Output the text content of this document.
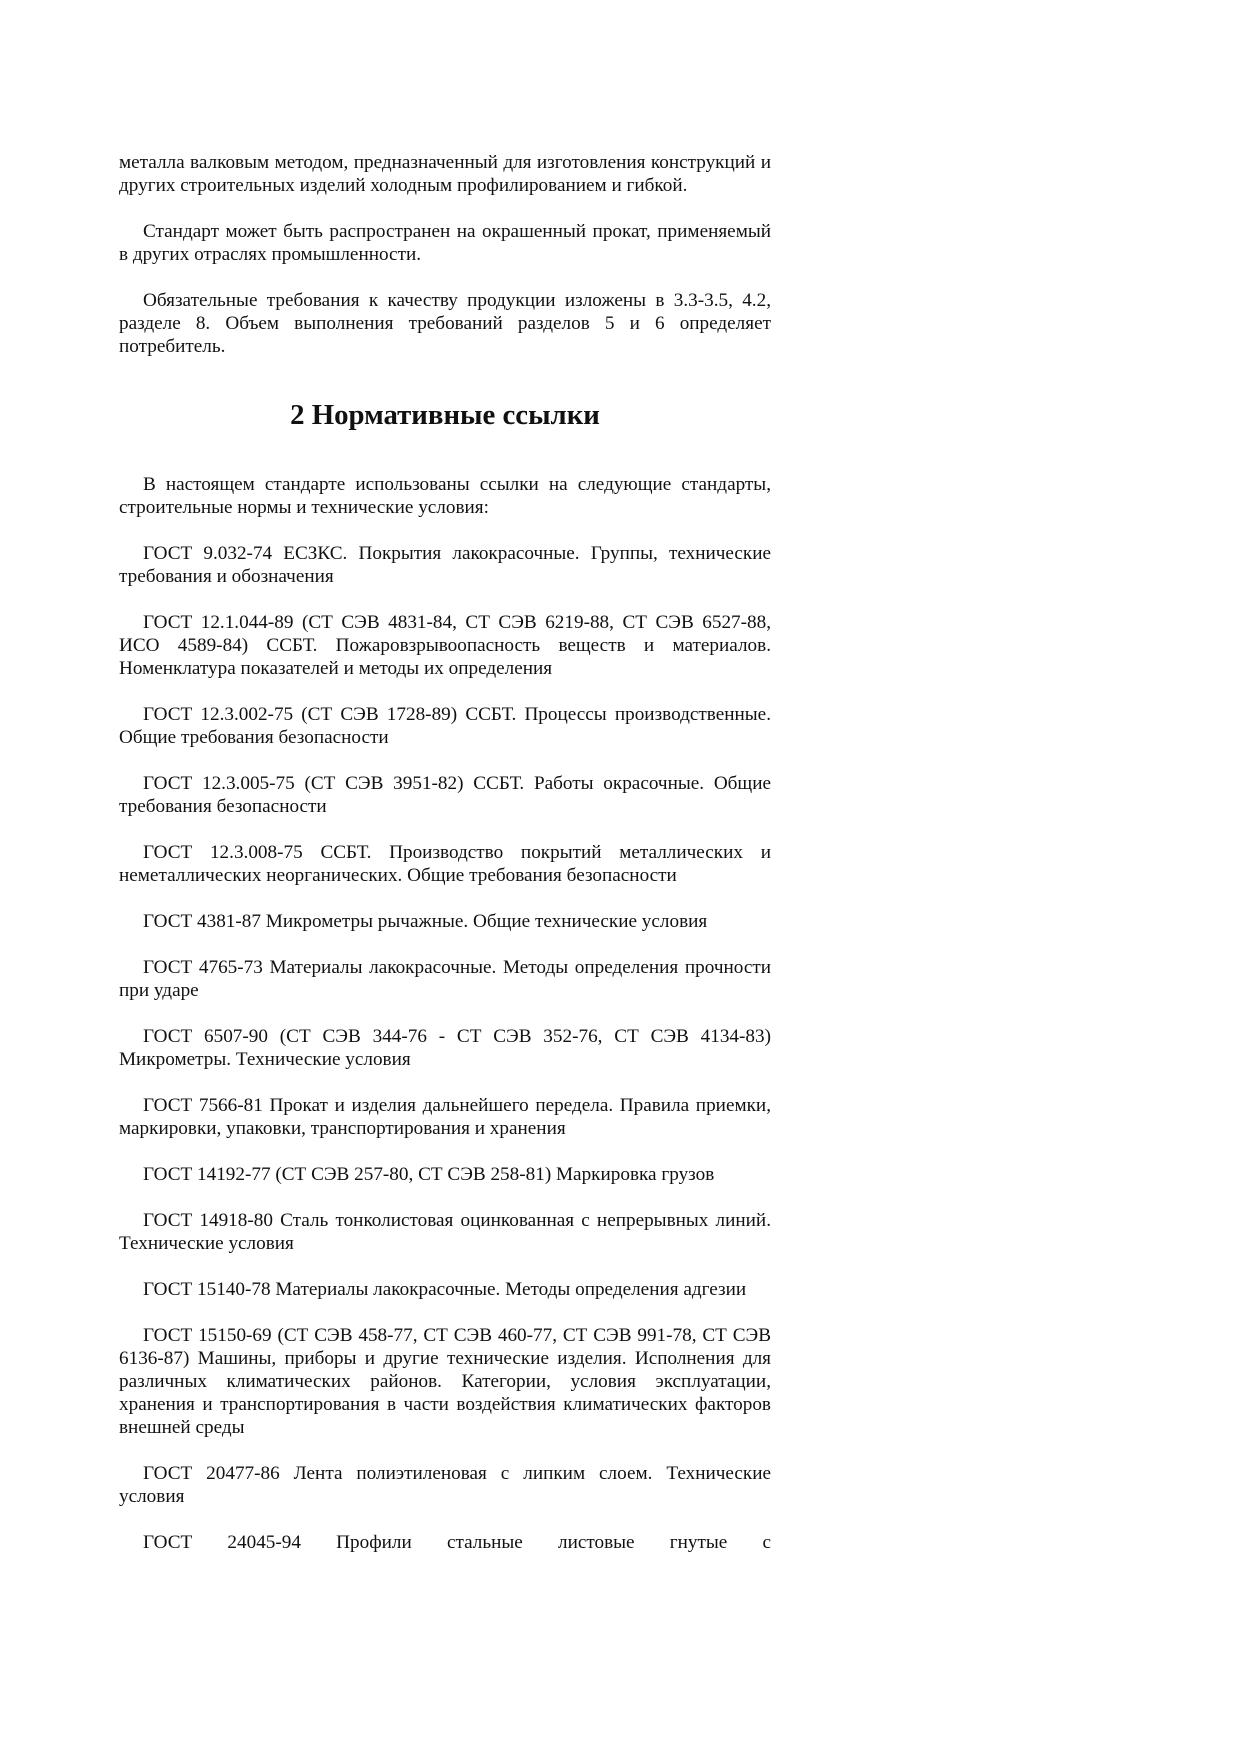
металла валковым методом, предназначенный для изготовления конструкций и других строительных изделий холодным профилированием и гибкой.

Стандарт может быть распространен на окрашенный прокат, применяемый в других отраслях промышленности.

Обязательные требования к качеству продукции изложены в 3.3-3.5, 4.2, разделе 8. Объем выполнения требований разделов 5 и 6 определяет потребитель.

2 Нормативные ссылки

В настоящем стандарте использованы ссылки на следующие стандарты, строительные нормы и технические условия:

ГОСТ 9.032-74 ЕСЗКС. Покрытия лакокрасочные. Группы, технические требования и обозначения

ГОСТ 12.1.044-89 (СТ СЭВ 4831-84, СТ СЭВ 6219-88, СТ СЭВ 6527-88, ИСО 4589-84) ССБТ. Пожаровзрывоопасность веществ и материалов. Номенклатура показателей и методы их определения

ГОСТ 12.3.002-75 (СТ СЭВ 1728-89) ССБТ. Процессы производственные. Общие требования безопасности

ГОСТ 12.3.005-75 (СТ СЭВ 3951-82) ССБТ. Работы окрасочные. Общие требования безопасности

ГОСТ 12.3.008-75 ССБТ. Производство покрытий металлических и неметаллических неорганических. Общие требования безопасности

ГОСТ 4381-87 Микрометры рычажные. Общие технические условия

ГОСТ 4765-73 Материалы лакокрасочные. Методы определения прочности при ударе

ГОСТ 6507-90 (СТ СЭВ 344-76 - СТ СЭВ 352-76, СТ СЭВ 4134-83) Микрометры. Технические условия

ГОСТ 7566-81 Прокат и изделия дальнейшего передела. Правила приемки, маркировки, упаковки, транспортирования и хранения

ГОСТ 14192-77 (СТ СЭВ 257-80, СТ СЭВ 258-81) Маркировка грузов

ГОСТ 14918-80 Сталь тонколистовая оцинкованная с непрерывных линий. Технические условия

ГОСТ 15140-78 Материалы лакокрасочные. Методы определения адгезии

ГОСТ 15150-69 (СТ СЭВ 458-77, СТ СЭВ 460-77, СТ СЭВ 991-78, СТ СЭВ 6136-87) Машины, приборы и другие технические изделия. Исполнения для различных климатических районов. Категории, условия эксплуатации, хранения и транспортирования в части воздействия климатических факторов внешней среды

ГОСТ 20477-86 Лента полиэтиленовая с липким слоем. Технические условия

ГОСТ 24045-94 Профили стальные листовые гнутые с
